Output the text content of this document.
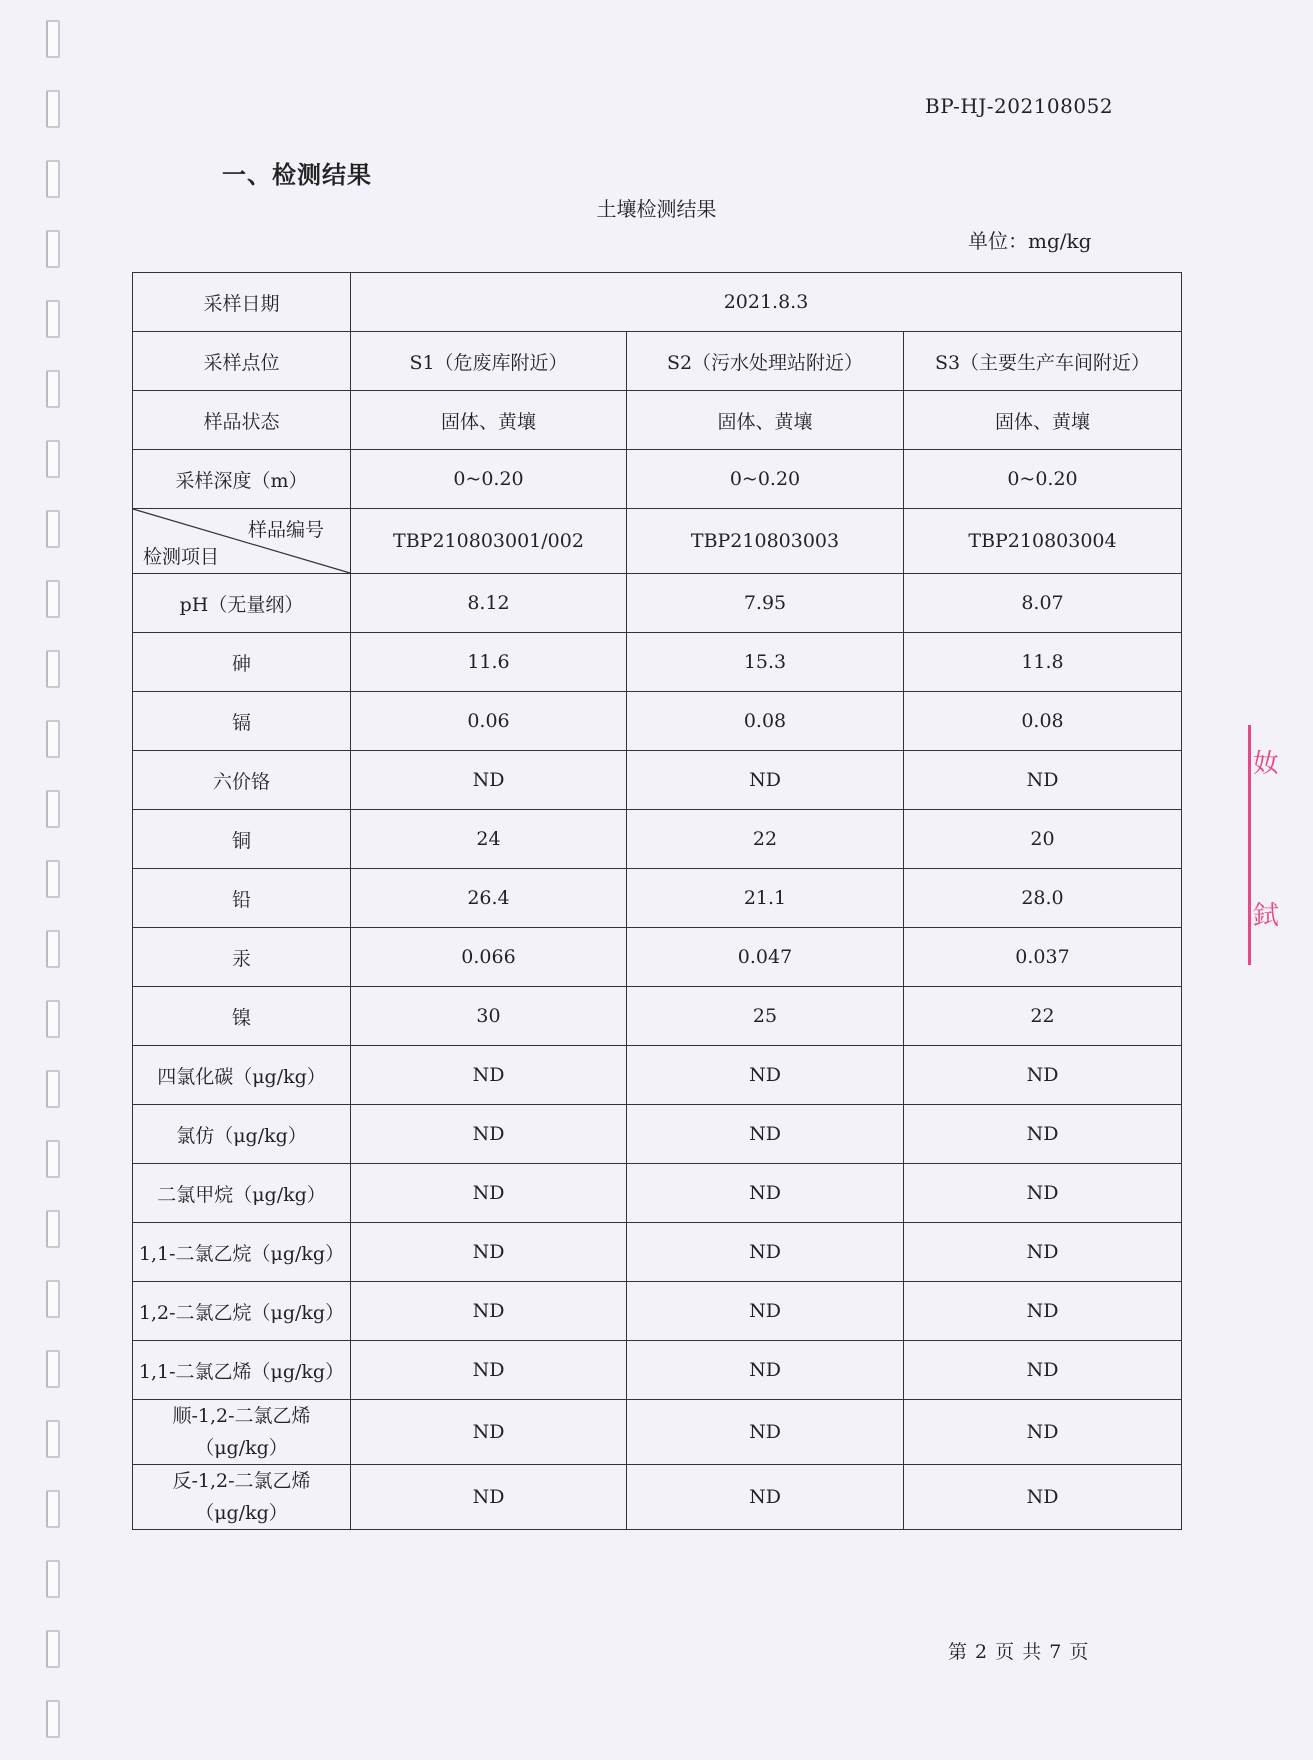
BP-HJ-202108052
一、检测结果
土壤检测结果
单位：mg/kg
采样日期	2021.8.3		
采样点位	S1（危废库附近）	S2（污水处理站附近）	S3（主要生产车间附近）
样品状态	固体、黄壤	固体、黄壤	固体、黄壤
采样深度（m）	0~0.20	0~0.20	0~0.20

样品编号
检测项目	TBP210803001/002	TBP210803003	TBP210803004
pH（无量纲）	8.12	7.95	8.07
砷	11.6	15.3	11.8
镉	0.06	0.08	0.08
六价铬	ND	ND	ND
铜	24	22	20
铅	26.4	21.1	28.0
汞	0.066	0.047	0.037
镍	30	25	22
四氯化碳（μg/kg）	ND	ND	ND
氯仿（μg/kg）	ND	ND	ND
二氯甲烷（μg/kg）	ND	ND	ND
1,1-二氯乙烷（μg/kg）	ND	ND	ND
1,2-二氯乙烷（μg/kg）	ND	ND	ND
1,1-二氯乙烯（μg/kg）	ND	ND	ND
顺-1,2-二氯乙烯（μg/kg）	ND	ND	ND
反-1,2-二氯乙烯（μg/kg）	ND	ND	ND
第 2 页 共 7 页
奻
鉽
